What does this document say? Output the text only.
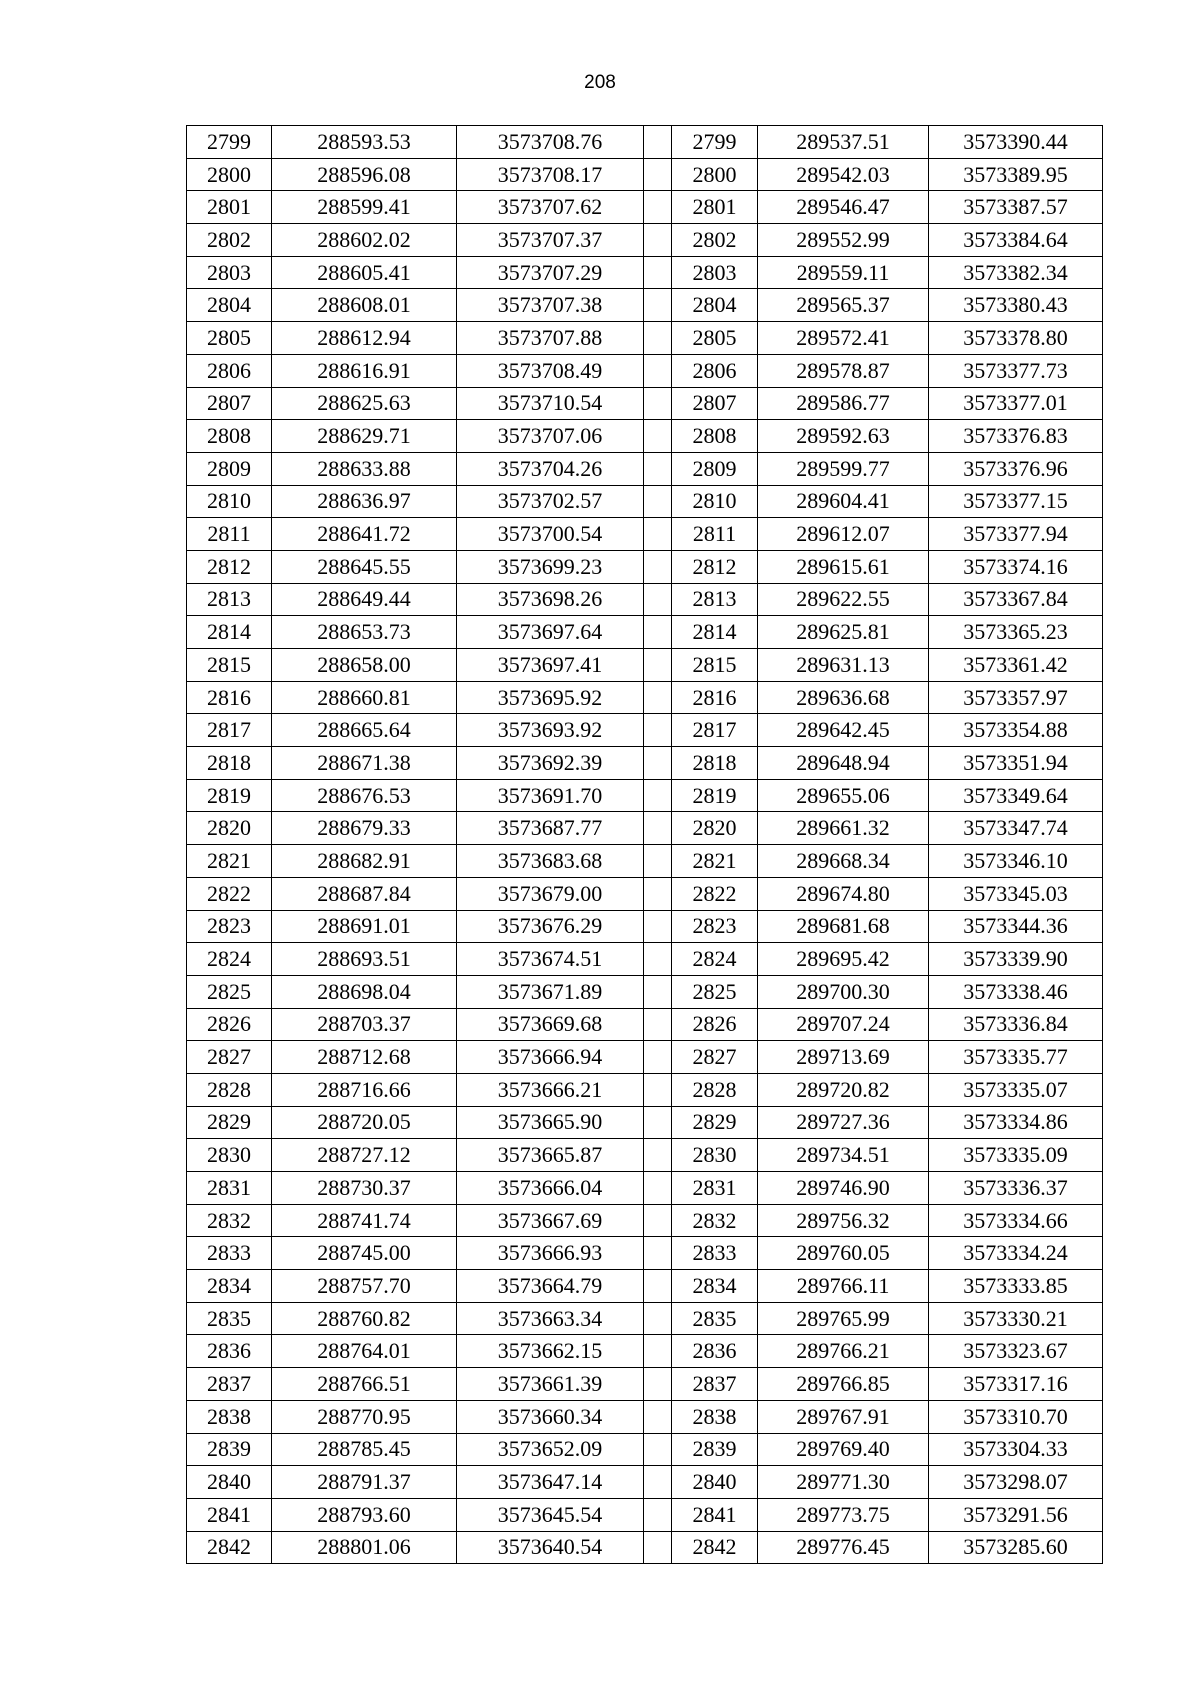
208
2799	288593.53	3573708.76		2799	289537.51	3573390.44
2800	288596.08	3573708.17		2800	289542.03	3573389.95
2801	288599.41	3573707.62		2801	289546.47	3573387.57
2802	288602.02	3573707.37		2802	289552.99	3573384.64
2803	288605.41	3573707.29		2803	289559.11	3573382.34
2804	288608.01	3573707.38		2804	289565.37	3573380.43
2805	288612.94	3573707.88		2805	289572.41	3573378.80
2806	288616.91	3573708.49		2806	289578.87	3573377.73
2807	288625.63	3573710.54		2807	289586.77	3573377.01
2808	288629.71	3573707.06		2808	289592.63	3573376.83
2809	288633.88	3573704.26		2809	289599.77	3573376.96
2810	288636.97	3573702.57		2810	289604.41	3573377.15
2811	288641.72	3573700.54		2811	289612.07	3573377.94
2812	288645.55	3573699.23		2812	289615.61	3573374.16
2813	288649.44	3573698.26		2813	289622.55	3573367.84
2814	288653.73	3573697.64		2814	289625.81	3573365.23
2815	288658.00	3573697.41		2815	289631.13	3573361.42
2816	288660.81	3573695.92		2816	289636.68	3573357.97
2817	288665.64	3573693.92		2817	289642.45	3573354.88
2818	288671.38	3573692.39		2818	289648.94	3573351.94
2819	288676.53	3573691.70		2819	289655.06	3573349.64
2820	288679.33	3573687.77		2820	289661.32	3573347.74
2821	288682.91	3573683.68		2821	289668.34	3573346.10
2822	288687.84	3573679.00		2822	289674.80	3573345.03
2823	288691.01	3573676.29		2823	289681.68	3573344.36
2824	288693.51	3573674.51		2824	289695.42	3573339.90
2825	288698.04	3573671.89		2825	289700.30	3573338.46
2826	288703.37	3573669.68		2826	289707.24	3573336.84
2827	288712.68	3573666.94		2827	289713.69	3573335.77
2828	288716.66	3573666.21		2828	289720.82	3573335.07
2829	288720.05	3573665.90		2829	289727.36	3573334.86
2830	288727.12	3573665.87		2830	289734.51	3573335.09
2831	288730.37	3573666.04		2831	289746.90	3573336.37
2832	288741.74	3573667.69		2832	289756.32	3573334.66
2833	288745.00	3573666.93		2833	289760.05	3573334.24
2834	288757.70	3573664.79		2834	289766.11	3573333.85
2835	288760.82	3573663.34		2835	289765.99	3573330.21
2836	288764.01	3573662.15		2836	289766.21	3573323.67
2837	288766.51	3573661.39		2837	289766.85	3573317.16
2838	288770.95	3573660.34		2838	289767.91	3573310.70
2839	288785.45	3573652.09		2839	289769.40	3573304.33
2840	288791.37	3573647.14		2840	289771.30	3573298.07
2841	288793.60	3573645.54		2841	289773.75	3573291.56
2842	288801.06	3573640.54		2842	289776.45	3573285.60
